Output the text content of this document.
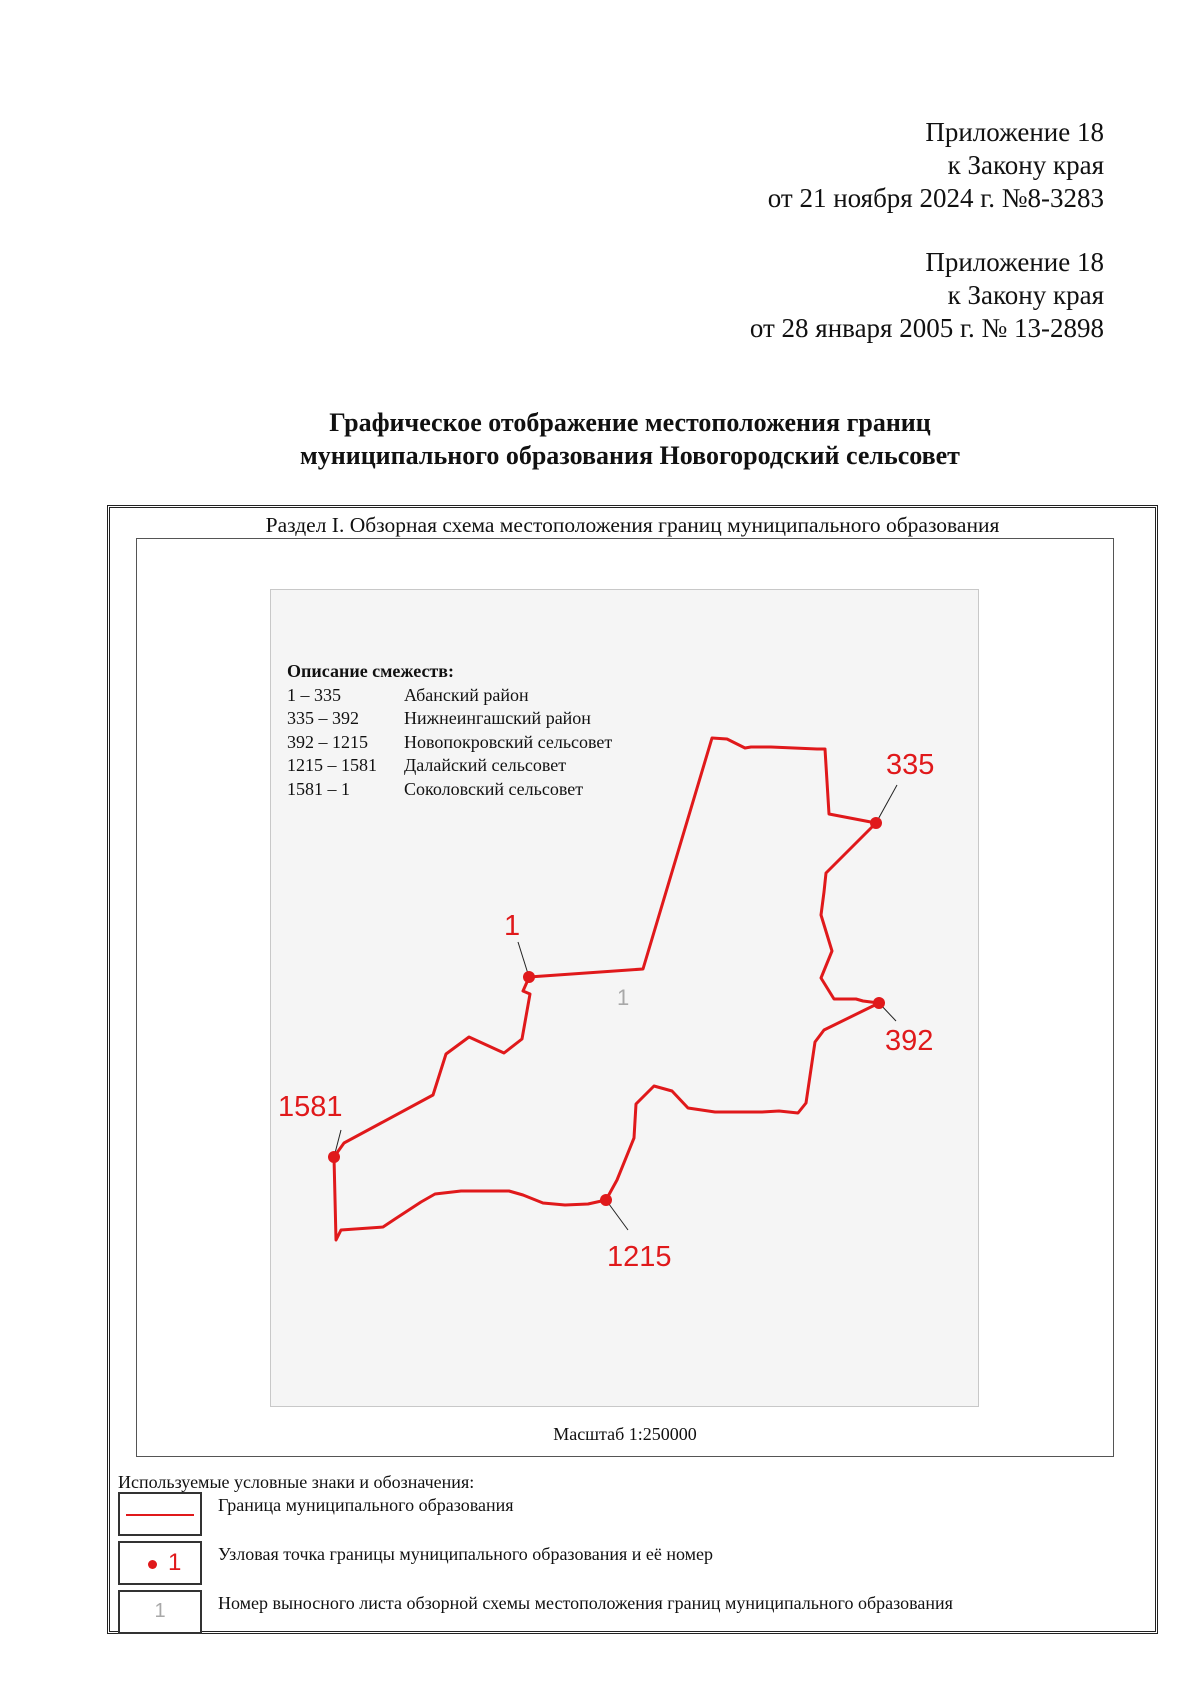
Приложение 18
к Закону края
от 21 ноября 2024 г. №8-3283
Приложение 18
к Закону края
от 28 января 2005 г. № 13-2898
Графическое отображение местоположения границ
муниципального образования Новогородский сельсовет
Раздел I. Обзорная схема местоположения границ муниципального образования
1
335
392
1215
1581
1
Описание смежеств:
1 – 335	Абанский район
335 – 392	Нижнеингашский район
392 – 1215 Новопокровский сельсовет
1215 – 1581 Далайский сельсовет
1581 – 1	Соколовский сельсовет
Масштаб 1:250000
Используемые условные знаки и обозначения:
Граница муниципального образования
1 Узловая точка границы муниципального образования и её номер
1	Номер выносного листа обзорной схемы местоположения границ муниципального образования
